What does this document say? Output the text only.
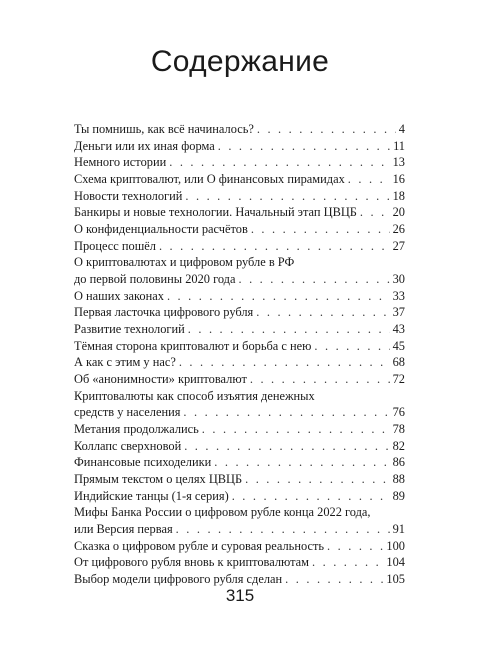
Содержание
Ты помнишь, как всё начиналось? . . .	4
Деньги или их иная форма . . .	11
Немного истории . . .	13
Схема криптовалют, или О финансовых пирамидах . . .	16
Новости технологий . . .	18
Банкиры и новые технологии. Начальный этап ЦВЦБ . . .	20
О конфиденциальности расчётов . . .	26
Процесс пошёл . . .	27
О криптовалютах и цифровом рубле в РФ
до первой половины 2020 года . . .	30
О наших законах . . .	33
Первая ласточка цифрового рубля . . .	37
Развитие технологий . . .	43
Тёмная сторона криптовалют и борьба с нею . . .	45
А как с этим у нас? . . .	68
Об «анонимности» криптовалют . . .	72
Криптовалюты как способ изъятия денежных
средств у населения . . .	76
Метания продолжались . . .	78
Коллапс сверхновой . . .	82
Финансовые психоделики . . .	86
Прямым текстом о целях ЦВЦБ . . .	88
Индийские танцы (1-я серия) . . .	89
Мифы Банка России о цифровом рубле конца 2022 года,
или Версия первая . . .	91
Сказка о цифровом рубле и суровая реальность . . .	100
От цифрового рубля вновь к криптовалютам . . .	104
Выбор модели цифрового рубля сделан . . .	105
315
